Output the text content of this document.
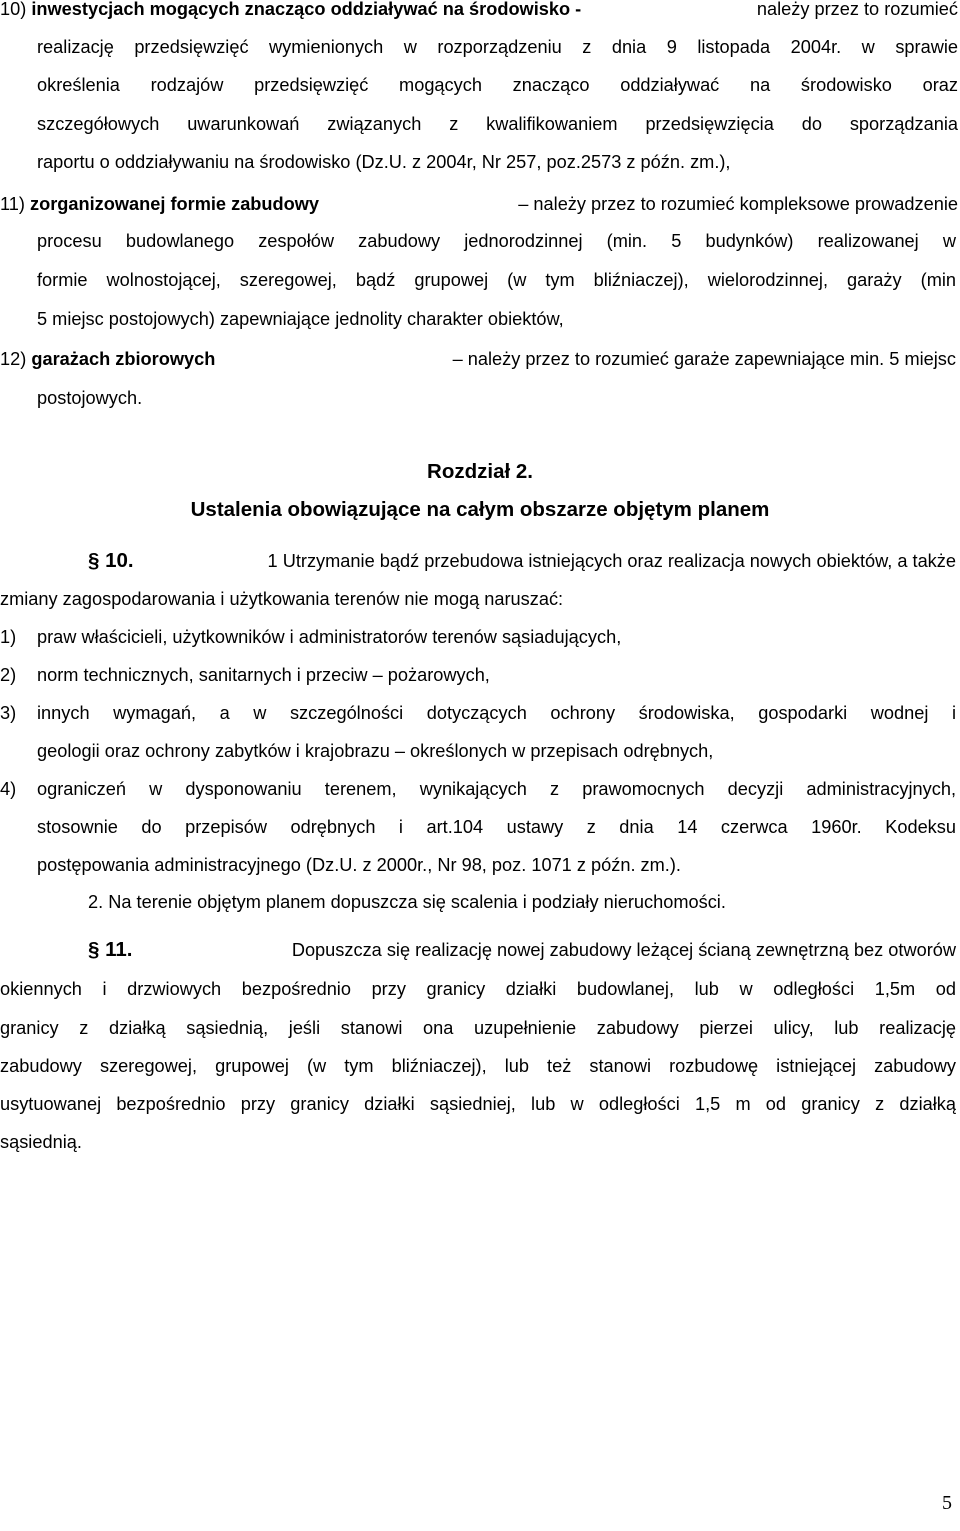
10) inwestycjach mogących znacząco oddziaływać na środowisko -	należy przez to rozumieć
realizację przedsięwzięć wymienionych w rozporządzeniu z dnia 9 listopada 2004r. w sprawie
określenia rodzajów przedsięwzięć mogących znacząco oddziaływać na środowisko oraz
szczegółowych uwarunkowań związanych z kwalifikowaniem przedsięwzięcia do sporządzania
raportu o oddziaływaniu na środowisko (Dz.U. z 2004r, Nr 257, poz.2573 z późn. zm.),
11) zorganizowanej formie zabudowy	– należy przez to rozumieć kompleksowe prowadzenie
procesu budowlanego zespołów zabudowy jednorodzinnej (min. 5 budynków) realizowanej w
formie wolnostojącej, szeregowej, bądź grupowej (w tym bliźniaczej), wielorodzinnej, garaży (min
5 miejsc postojowych) zapewniające jednolity charakter obiektów,
12) garażach zbiorowych	– należy przez to rozumieć garaże zapewniające min. 5 miejsc
postojowych.
Rozdział 2.
Ustalenia obowiązujące na całym obszarze objętym planem
§ 10.	1 Utrzymanie bądź przebudowa istniejących oraz realizacja nowych obiektów, a także
zmiany zagospodarowania i użytkowania terenów nie mogą naruszać:
1) praw właścicieli, użytkowników i administratorów terenów sąsiadujących,
2) norm technicznych, sanitarnych i przeciw – pożarowych,
3) innych wymagań, a w szczególności dotyczących ochrony środowiska, gospodarki wodnej i
geologii oraz ochrony zabytków i krajobrazu – określonych w przepisach odrębnych,
4) ograniczeń w dysponowaniu terenem, wynikających z prawomocnych decyzji administracyjnych,
stosownie do przepisów odrębnych i art.104 ustawy z dnia 14 czerwca 1960r. Kodeksu
postępowania administracyjnego (Dz.U. z 2000r., Nr 98, poz. 1071 z późn. zm.).
2. Na terenie objętym planem dopuszcza się scalenia i podziały nieruchomości.
§ 11.	Dopuszcza się realizację nowej zabudowy leżącej ścianą zewnętrzną bez otworów
okiennych i drzwiowych bezpośrednio przy granicy działki budowlanej, lub w odległości 1,5m od
granicy z działką sąsiednią, jeśli stanowi ona uzupełnienie zabudowy pierzei ulicy, lub realizację
zabudowy szeregowej, grupowej (w tym bliźniaczej), lub też stanowi rozbudowę istniejącej zabudowy
usytuowanej bezpośrednio przy granicy działki sąsiedniej, lub w odległości 1,5 m od granicy z działką
sąsiednią.
5
